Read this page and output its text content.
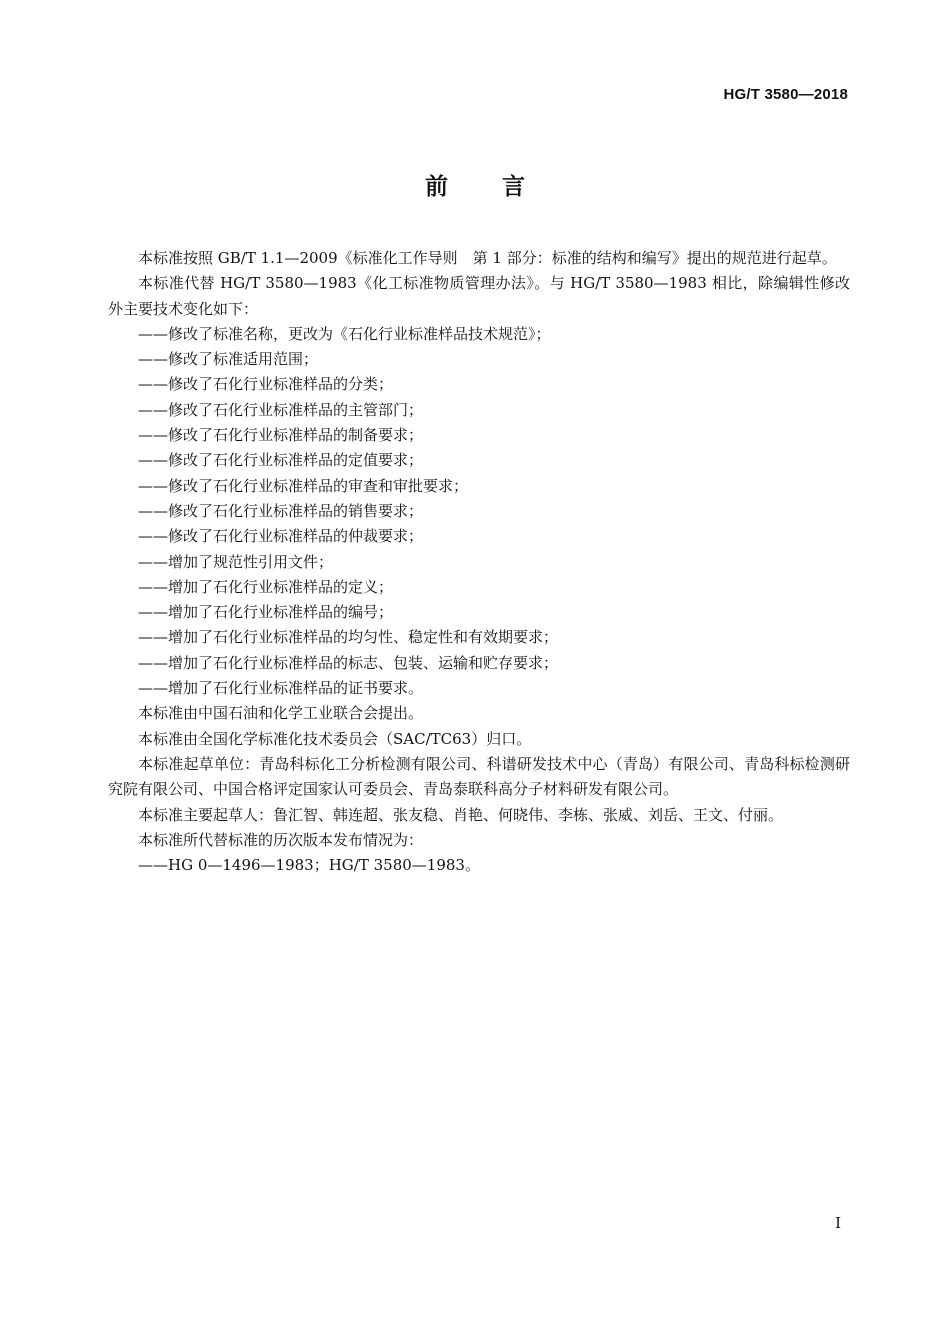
HG/T 3580—2018
前言

本标准按照 GB/T 1.1—2009《标准化工作导则　第 1 部分：标准的结构和编写》提出的规范进行起草。

本标准代替 HG/T 3580—1983《化工标准物质管理办法》。与 HG/T 3580—1983 相比，除编辑性修改外主要技术变化如下：

——修改了标准名称，更改为《石化行业标准样品技术规范》；

——修改了标准适用范围；

——修改了石化行业标准样品的分类；

——修改了石化行业标准样品的主管部门；

——修改了石化行业标准样品的制备要求；

——修改了石化行业标准样品的定值要求；

——修改了石化行业标准样品的审查和审批要求；

——修改了石化行业标准样品的销售要求；

——修改了石化行业标准样品的仲裁要求；

——增加了规范性引用文件；

——增加了石化行业标准样品的定义；

——增加了石化行业标准样品的编号；

——增加了石化行业标准样品的均匀性、稳定性和有效期要求；

——增加了石化行业标准样品的标志、包装、运输和贮存要求；

——增加了石化行业标准样品的证书要求。

本标准由中国石油和化学工业联合会提出。

本标准由全国化学标准化技术委员会（SAC/TC63）归口。

本标准起草单位：青岛科标化工分析检测有限公司、科谱研发技术中心（青岛）有限公司、青岛科标检测研究院有限公司、中国合格评定国家认可委员会、青岛泰联科高分子材料研发有限公司。

本标准主要起草人：鲁汇智、韩连超、张友稳、肖艳、何晓伟、李栋、张威、刘岳、王文、付丽。

本标准所代替标准的历次版本发布情况为：

——HG 0—1496—1983；HG/T 3580—1983。

I
